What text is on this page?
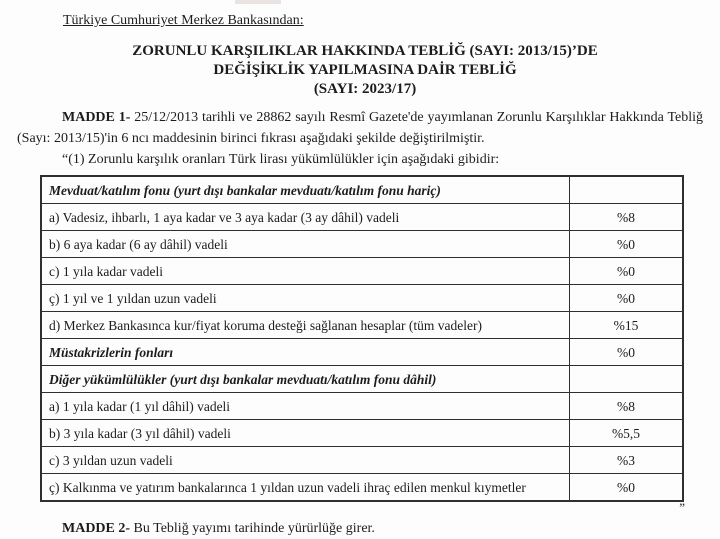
Türkiye Cumhuriyet Merkez Bankasından:
ZORUNLU KARŞILIKLAR HAKKINDA TEBLİĞ (SAYI: 2013/15)’DE
DEĞİŞİKLİK YAPILMASINA DAİR TEBLİĞ
(SAYI: 2023/17)

MADDE 1- 25/12/2013 tarihli ve 28862 sayılı Resmî Gazete'de yayımlanan Zorunlu Karşılıklar Hakkında Tebliğ (Sayı: 2013/15)'in 6 ncı maddesinin birinci fıkrası aşağıdaki şekilde değiştirilmiştir.

“(1) Zorunlu karşılık oranları Türk lirası yükümlülükler için aşağıdaki gibidir:

Mevduat/katılım fonu (yurt dışı bankalar mevduatı/katılım fonu hariç)	
a) Vadesiz, ihbarlı, 1 aya kadar ve 3 aya kadar (3 ay dâhil) vadeli	%8
b) 6 aya kadar (6 ay dâhil) vadeli	%0
c) 1 yıla kadar vadeli	%0
ç) 1 yıl ve 1 yıldan uzun vadeli	%0
d) Merkez Bankasınca kur/fiyat koruma desteği sağlanan hesaplar (tüm vadeler)	%15
Müstakrizlerin fonları	%0
Diğer yükümlülükler (yurt dışı bankalar mevduatı/katılım fonu dâhil)	
a) 1 yıla kadar (1 yıl dâhil) vadeli	%8
b) 3 yıla kadar (3 yıl dâhil) vadeli	%5,5
c) 3 yıldan uzun vadeli	%3
ç) Kalkınma ve yatırım bankalarınca 1 yıldan uzun vadeli ihraç edilen menkul kıymetler	%0
”

MADDE 2- Bu Tebliğ yayımı tarihinde yürürlüğe girer.
